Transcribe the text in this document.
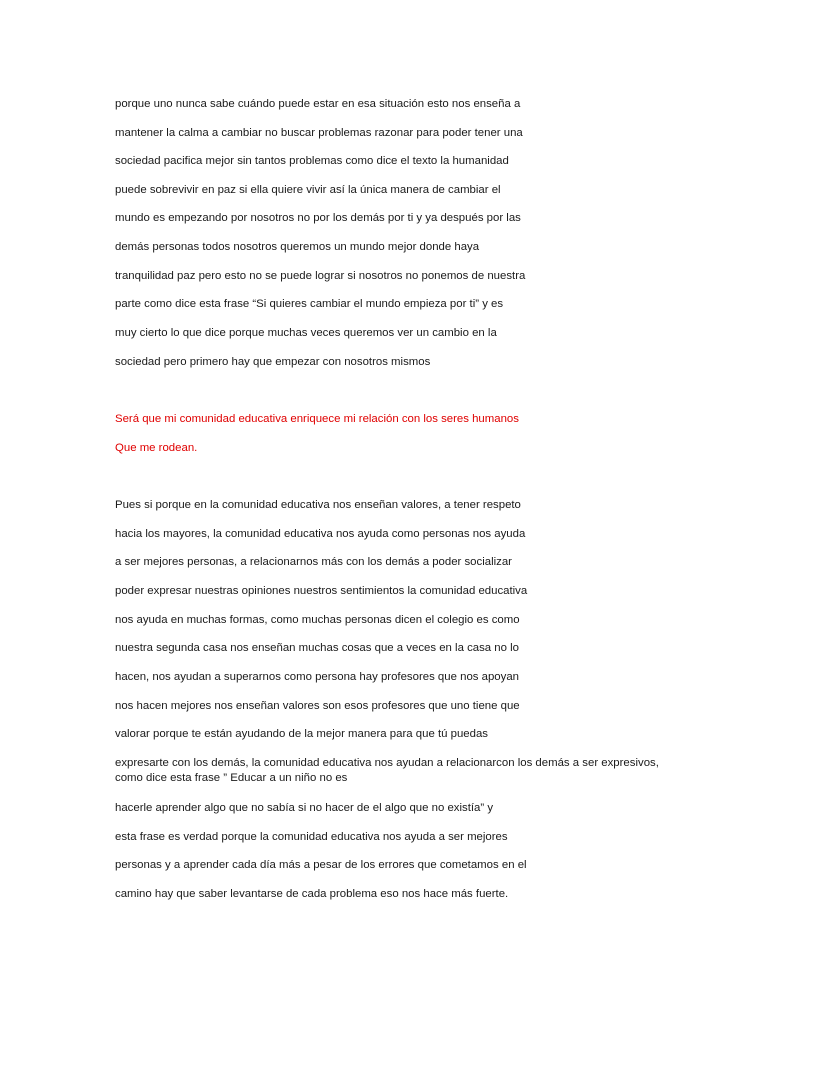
porque uno nunca sabe cuándo puede estar en esa situación esto nos enseña a
mantener la calma a cambiar no buscar problemas razonar para poder tener una
sociedad pacifica mejor sin tantos problemas como dice el texto la humanidad
puede sobrevivir en paz si ella quiere vivir así la única manera de cambiar el
mundo es empezando por nosotros no por los demás por ti y ya después por las
demás personas todos nosotros queremos un mundo mejor donde haya
tranquilidad paz pero esto no se puede lograr si nosotros no ponemos de nuestra
parte como dice esta frase “Si quieres cambiar el mundo empieza por ti” y es
muy cierto lo que dice porque muchas veces queremos ver un cambio en la
sociedad pero primero hay que empezar con nosotros mismos
Será que mi comunidad educativa enriquece mi relación con los seres humanos
Que me rodean.
Pues si porque en la comunidad educativa nos enseñan valores, a tener respeto
hacia los mayores, la comunidad educativa nos ayuda como personas nos ayuda
a ser mejores personas, a relacionarnos más con los demás a poder socializar
poder expresar nuestras opiniones nuestros sentimientos la comunidad educativa
nos ayuda en muchas formas, como muchas personas dicen el colegio es como
nuestra segunda casa nos enseñan muchas cosas que a veces en la casa no lo
hacen, nos ayudan a superarnos como persona hay profesores que nos apoyan
nos hacen mejores nos enseñan valores son esos profesores que uno tiene que
valorar porque te están ayudando de la mejor manera para que tú puedas
expresarte con los demás, la comunidad educativa nos ayudan a relacionarcon los demás a ser expresivos,
como dice esta frase ” Educar a un niño no es
hacerle aprender algo que no sabía si no hacer de el algo que no existía” y
esta frase es verdad porque la comunidad educativa nos ayuda a ser mejores
personas y a aprender cada día más a pesar de los errores que cometamos en el
camino hay que saber levantarse de cada problema eso nos hace más fuerte.
